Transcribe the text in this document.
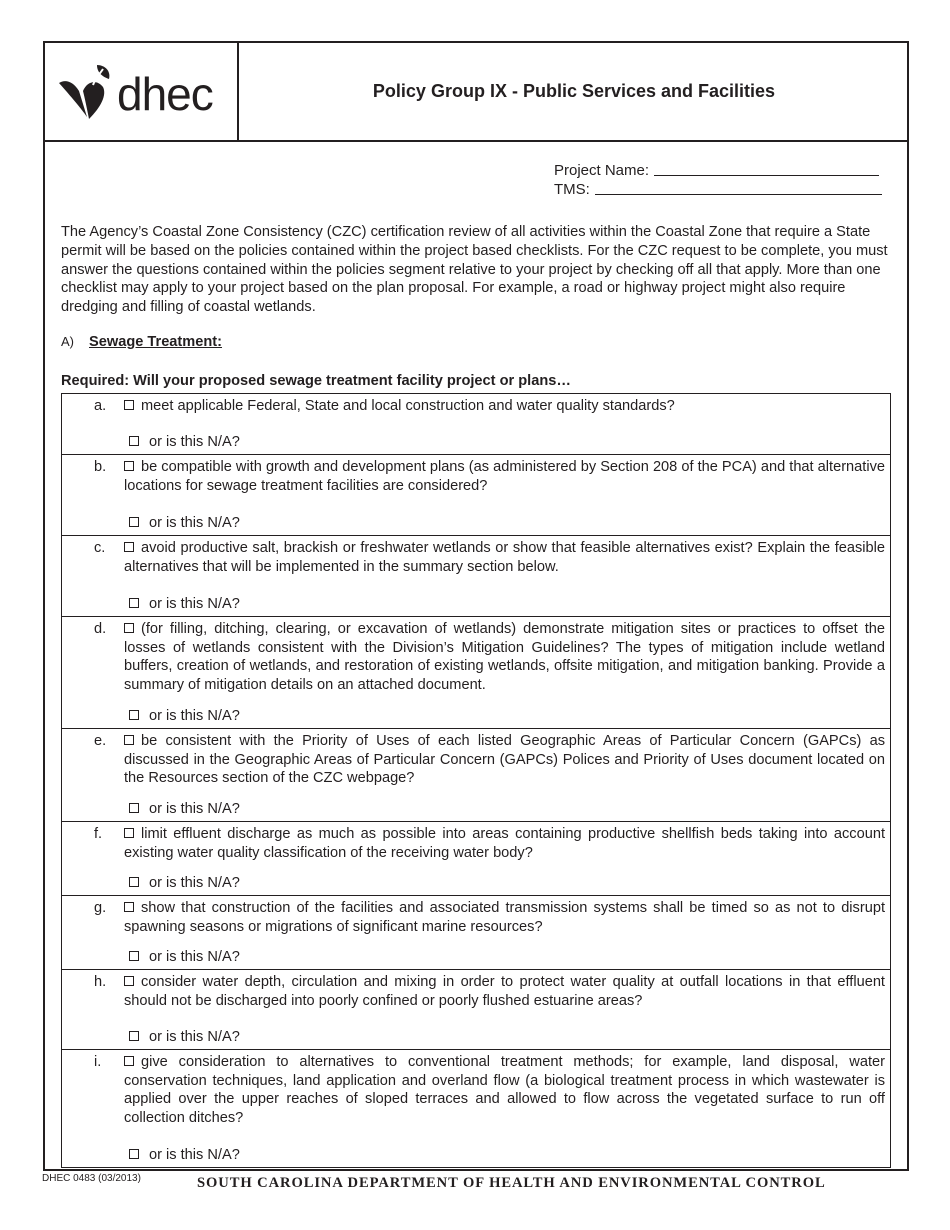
dhec	Policy Group IX - Public Services and Facilities
Project Name:
TMS:

The Agency’s Coastal Zone Consistency (CZC) certification review of all activities within the Coastal Zone that require a State permit will be based on the policies contained within the project based checklists. For the CZC request to be complete, you must answer the questions contained within the policies segment relative to your project by checking off all that apply. More than one checklist may apply to your project based on the plan proposal. For example, a road or highway project might also require dredging and filling of coastal wetlands.

A)	Sewage Treatment:
Required: Will your proposed sewage treatment facility project or plans…
a.	meet applicable Federal, State and local construction and water quality standards?
or is this N/A?
b.	be compatible with growth and development plans (as administered by Section 208 of the PCA) and that alternative locations for sewage treatment facilities are considered?
or is this N/A?
c.	avoid productive salt, brackish or freshwater wetlands or show that feasible alternatives exist? Explain the feasible alternatives that will be implemented in the summary section below.
or is this N/A?
d.	(for filling, ditching, clearing, or excavation of wetlands) demonstrate mitigation sites or practices to offset the losses of wetlands consistent with the Division’s Mitigation Guidelines? The types of mitigation include wetland buffers, creation of wetlands, and restoration of existing wetlands, offsite mitigation, and mitigation banking. Provide a summary of mitigation details on an attached document.
or is this N/A?
e.	be consistent with the Priority of Uses of each listed Geographic Areas of Particular Concern (GAPCs) as discussed in the Geographic Areas of Particular Concern (GAPCs) Polices and Priority of Uses document located on the Resources section of the CZC webpage?
or is this N/A?
f.	limit effluent discharge as much as possible into areas containing productive shellfish beds taking into account existing water quality classification of the receiving water body?
or is this N/A?
g.	show that construction of the facilities and associated transmission systems shall be timed so as not to disrupt spawning seasons or migrations of significant marine resources?
or is this N/A?
h.	consider water depth, circulation and mixing in order to protect water quality at outfall locations in that effluent should not be discharged into poorly confined or poorly flushed estuarine areas?
or is this N/A?
i.	give consideration to alternatives to conventional treatment methods; for example, land disposal, water conservation techniques, land application and overland flow (a biological treatment process in which wastewater is applied over the upper reaches of sloped terraces and allowed to flow across the vegetated surface to run off collection ditches?
or is this N/A?
DHEC 0483 (03/2013)	SOUTH CAROLINA DEPARTMENT OF HEALTH AND ENVIRONMENTAL CONTROL
